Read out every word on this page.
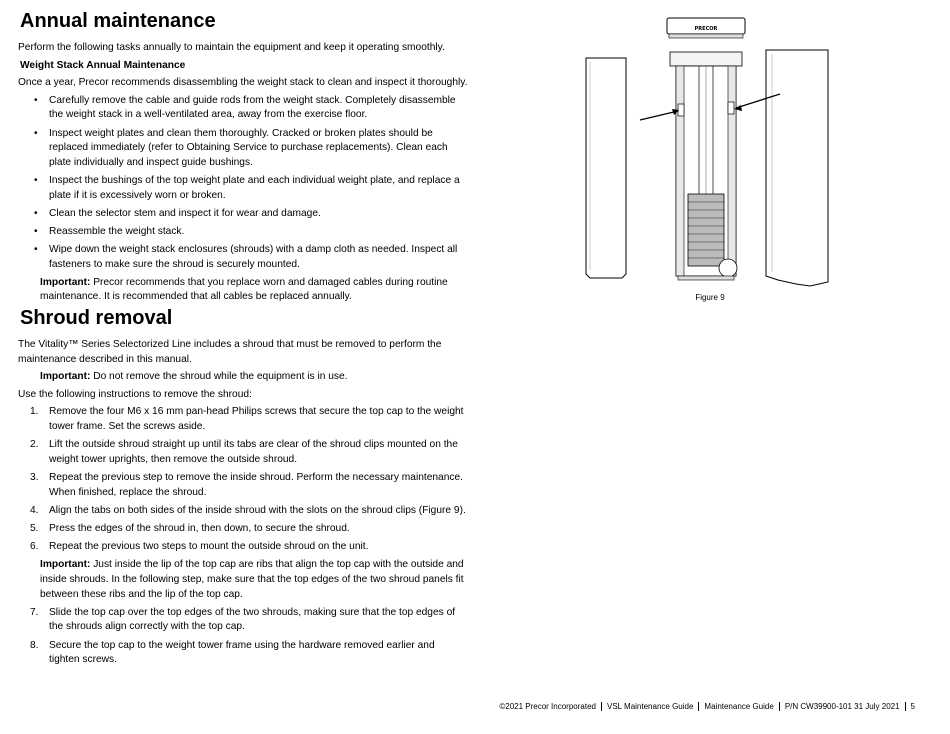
Annual maintenance

Perform the following tasks annually to maintain the equipment and keep it operating smoothly.

Weight Stack Annual Maintenance

Once a year, Precor recommends disassembling the weight stack to clean and inspect it thoroughly.

• Carefully remove the cable and guide rods from the weight stack. Completely disassemble the weight stack in a well-ventilated area, away from the exercise floor.
• Inspect weight plates and clean them thoroughly. Cracked or broken plates should be replaced immediately (refer to Obtaining Service to purchase replacements). Clean each plate individually and inspect guide bushings.
• Inspect the bushings of the top weight plate and each individual weight plate, and replace a plate if it is excessively worn or broken.
• Clean the selector stem and inspect it for wear and damage.
• Reassemble the weight stack.
• Wipe down the weight stack enclosures (shrouds) with a damp cloth as needed. Inspect all fasteners to make sure the shroud is securely mounted.

Important: Precor recommends that you replace worn and damaged cables during routine maintenance. It is recommended that all cables be replaced annually.

Shroud removal

The Vitality™ Series Selectorized Line includes a shroud that must be removed to perform the maintenance described in this manual.

Important: Do not remove the shroud while the equipment is in use.

Use the following instructions to remove the shroud:

1. Remove the four M6 x 16 mm pan-head Philips screws that secure the top cap to the weight tower frame. Set the screws aside.
2. Lift the outside shroud straight up until its tabs are clear of the shroud clips mounted on the weight tower uprights, then remove the outside shroud.
3. Repeat the previous step to remove the inside shroud. Perform the necessary maintenance. When finished, replace the shroud.
4. Align the tabs on both sides of the inside shroud with the slots on the shroud clips (Figure 9).
5. Press the edges of the shroud in, then down, to secure the shroud.
6. Repeat the previous two steps to mount the outside shroud on the unit.

Important: Just inside the lip of the top cap are ribs that align the top cap with the outside and inside shrouds. In the following step, make sure that the top edges of the two shroud panels fit between these ribs and the lip of the top cap.

7. Slide the top cap over the top edges of the two shrouds, making sure that the top edges of the shrouds align correctly with the top cap.
8. Secure the top cap to the weight tower frame using the hardware removed earlier and tighten screws.
PRECOR
Figure 9
©2021 Precor Incorporated	VSL Maintenance Guide	Maintenance Guide	P/N CW39900-101 31 July 2021	5
